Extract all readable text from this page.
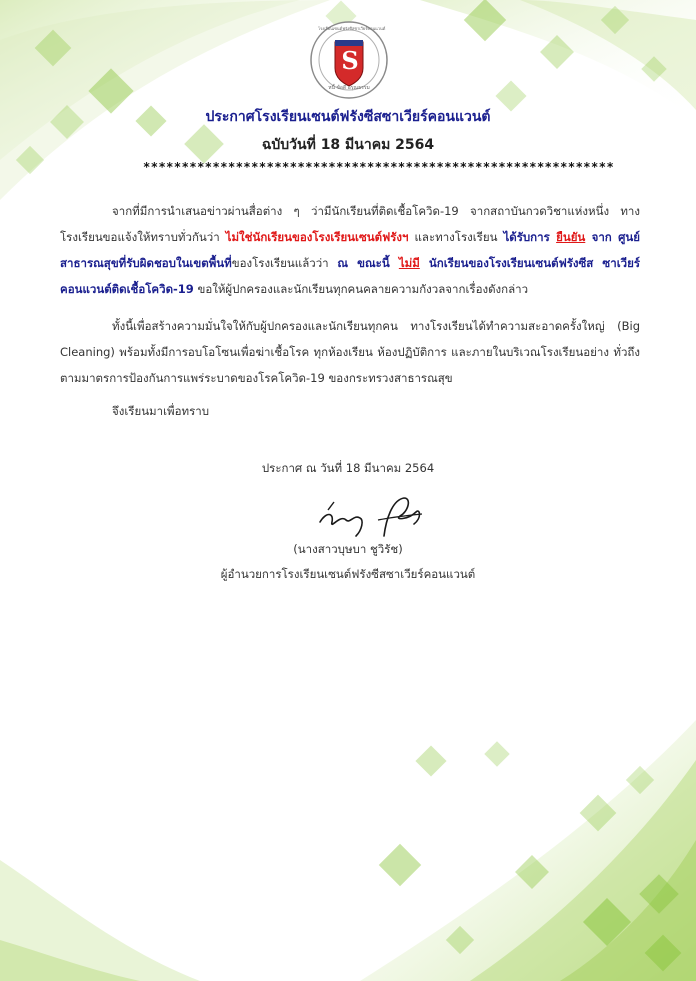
โรงเรียนเซนต์ฟรังซีสซาเวียร์คอนแวนต์
S
หนี้ ข้อดี อรุณธรรม
ประกาศโรงเรียนเซนต์ฟรังซีสซาเวียร์คอนแวนต์
ฉบับวันที่ 18 มีนาคม 2564
*************************************************************
จากที่มีการนำเสนอข่าวผ่านสื่อต่าง ๆ ว่ามีนักเรียนที่ติดเชื้อโควิด-19 จากสถาบันกวดวิชาแห่งหนึ่ง ทางโรงเรียนขอแจ้งให้ทราบทั่วกันว่า ไม่ใช่นักเรียนของโรงเรียนเซนต์ฟรังฯ และทางโรงเรียน ได้รับการ ยืนยัน จาก ศูนย์สาธารณสุขที่รับผิดชอบในเขตพื้นที่ของโรงเรียนแล้วว่า ณ ขณะนี้ ไม่มี นักเรียนของโรงเรียนเซนต์ฟรังซีส ซาเวียร์คอนแวนต์ติดเชื้อโควิด-19 ขอให้ผู้ปกครองและนักเรียนทุกคนคลายความกังวลจากเรื่องดังกล่าว
ทั้งนี้เพื่อสร้างความมั่นใจให้กับผู้ปกครองและนักเรียนทุกคน ทางโรงเรียนได้ทำความสะอาดครั้งใหญ่ (Big Cleaning) พร้อมทั้งมีการอบโอโซนเพื่อฆ่าเชื้อโรค ทุกห้องเรียน ห้องปฏิบัติการ และภายในบริเวณโรงเรียนอย่าง ทั่วถึงตามมาตรการป้องกันการแพร่ระบาดของโรคโควิด-19 ของกระทรวงสาธารณสุข
จึงเรียนมาเพื่อทราบ
ประกาศ ณ วันที่ 18 มีนาคม 2564
(นางสาวบุษบา ชูวิรัช)
ผู้อำนวยการโรงเรียนเซนต์ฟรังซีสซาเวียร์คอนแวนต์
